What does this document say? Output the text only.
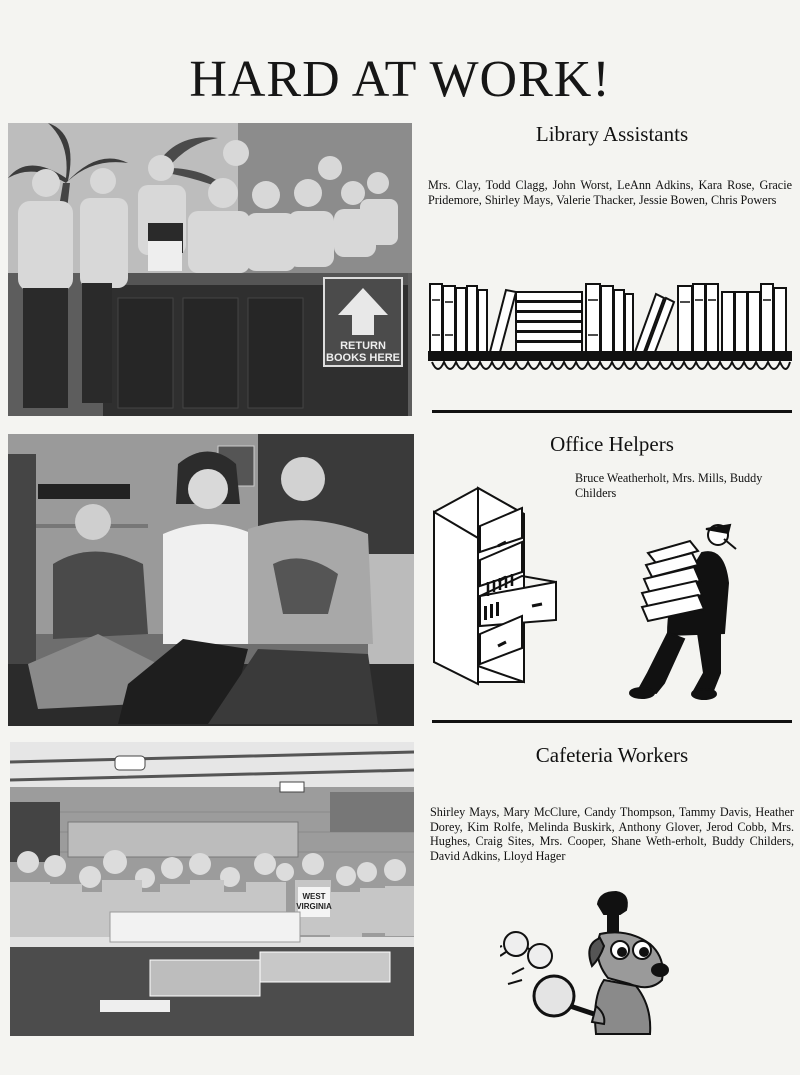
HARD AT WORK!
RETURN
BOOKS HERE
Library Assistants

Mrs. Clay, Todd Clagg, John Worst, LeAnn Adkins, Kara Rose, Gracie Pridemore, Shirley Mays, Valerie Thacker, Jessie Bowen, Chris Powers

Office Helpers

Bruce Weatherholt, Mrs. Mills, Buddy Childers

WEST
VIRGINIA
Cafeteria Workers

Shirley Mays, Mary McClure, Candy Thompson, Tammy Davis, Heather Dorey, Kim Rolfe, Melinda Buskirk, Anthony Glover, Jerod Cobb, Mrs. Hughes, Craig Sites, Mrs. Cooper, Shane Weth-erholt, Buddy Childers, David Adkins, Lloyd Hager
